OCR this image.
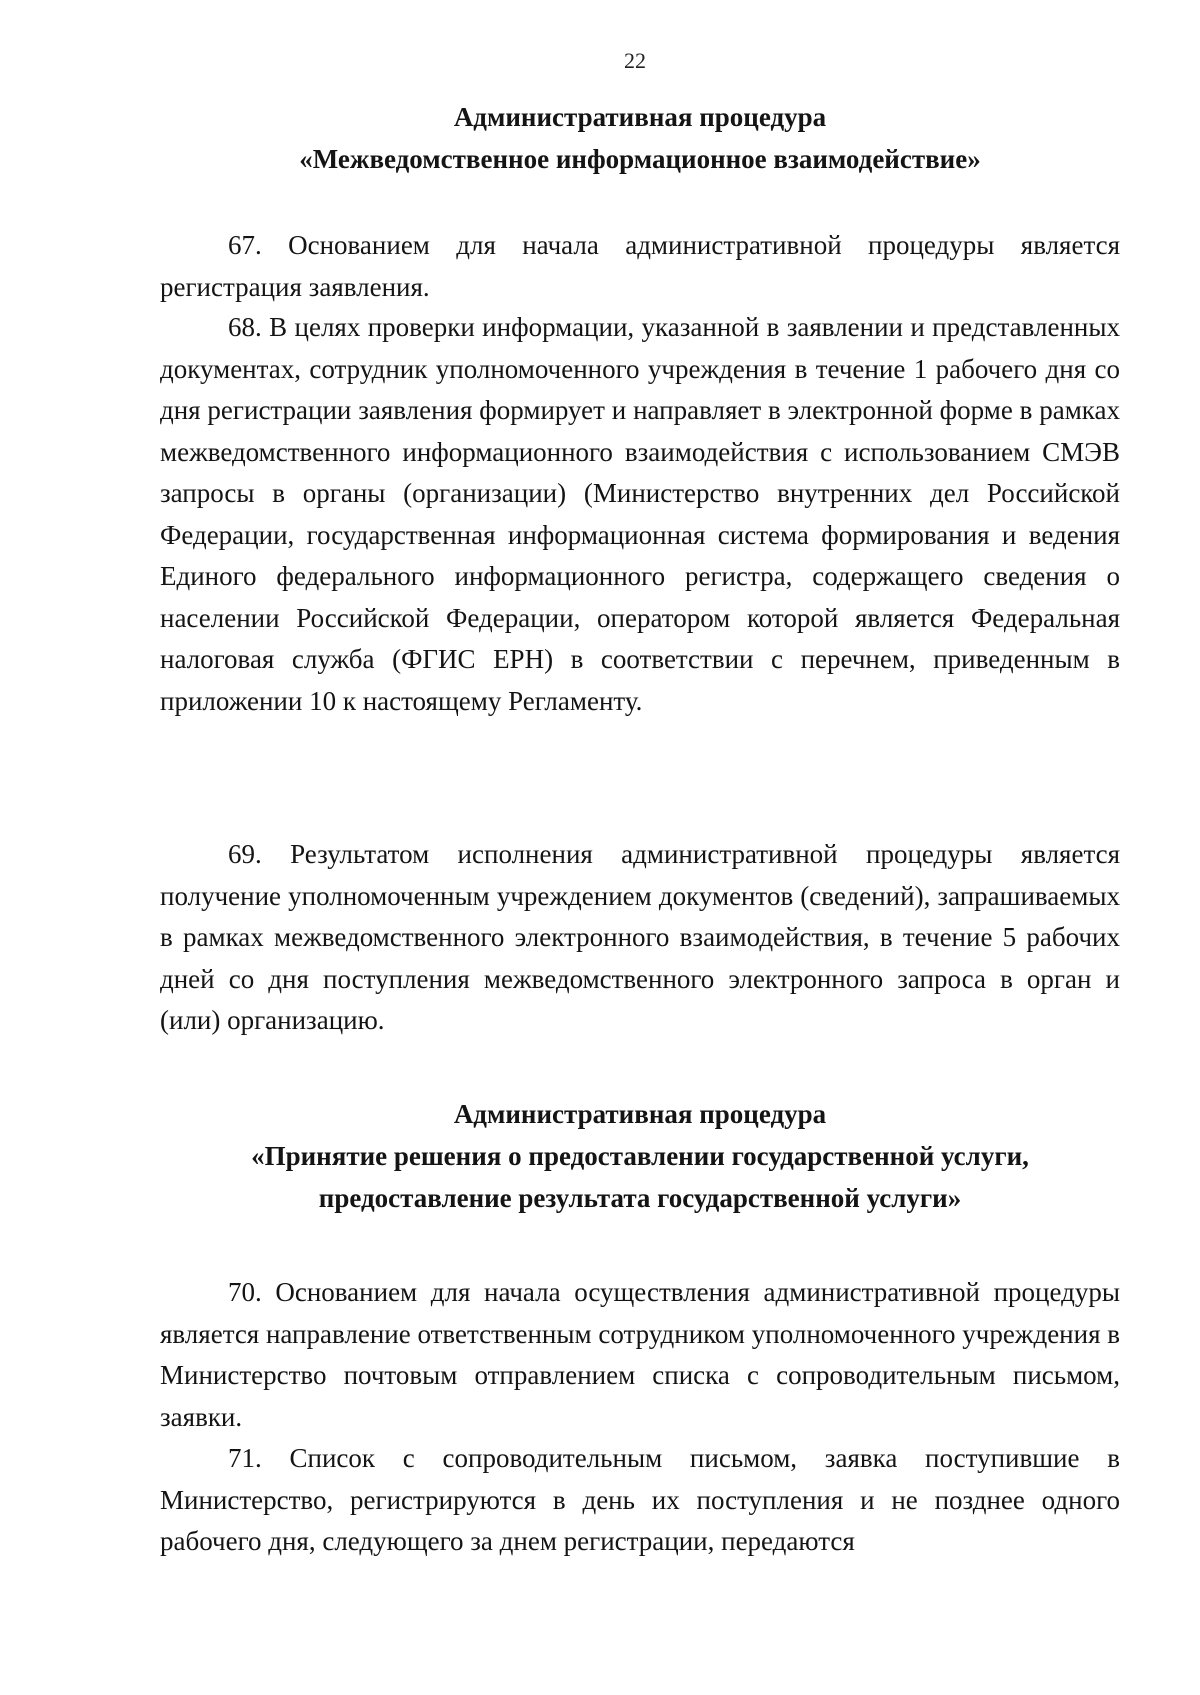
22
Административная процедура
«Межведомственное информационное взаимодействие»

67. Основанием для начала административной процедуры является регистрация заявления.

68. В целях проверки информации, указанной в заявлении и представленных документах, сотрудник уполномоченного учреждения в течение 1 рабочего дня со дня регистрации заявления формирует и направляет в электронной форме в рамках межведомственного информационного взаимодействия с использованием СМЭВ запросы в органы (организации) (Министерство внутренних дел Российской Федерации, государственная информационная система формирования и ведения Единого федерального информационного регистра, содержащего сведения о населении Российской Федерации, оператором которой является Федеральная налоговая служба (ФГИС ЕРН) в соответствии с перечнем, приведенным в приложении 10 к настоящему Регламенту.

69. Результатом исполнения административной процедуры является получение уполномоченным учреждением документов (сведений), запрашиваемых в рамках межведомственного электронного взаимодействия, в течение 5 рабочих дней со дня поступления межведомственного электронного запроса в орган и (или) организацию.

Административная процедура
«Принятие решения о предоставлении государственной услуги,
предоставление результата государственной услуги»

70. Основанием для начала осуществления административной процедуры является направление ответственным сотрудником уполномоченного учреждения в Министерство почтовым отправлением списка с сопроводительным письмом, заявки.

71. Список с сопроводительным письмом, заявка поступившие в Министерство, регистрируются в день их поступления и не позднее одного рабочего дня, следующего за днем регистрации, передаются
